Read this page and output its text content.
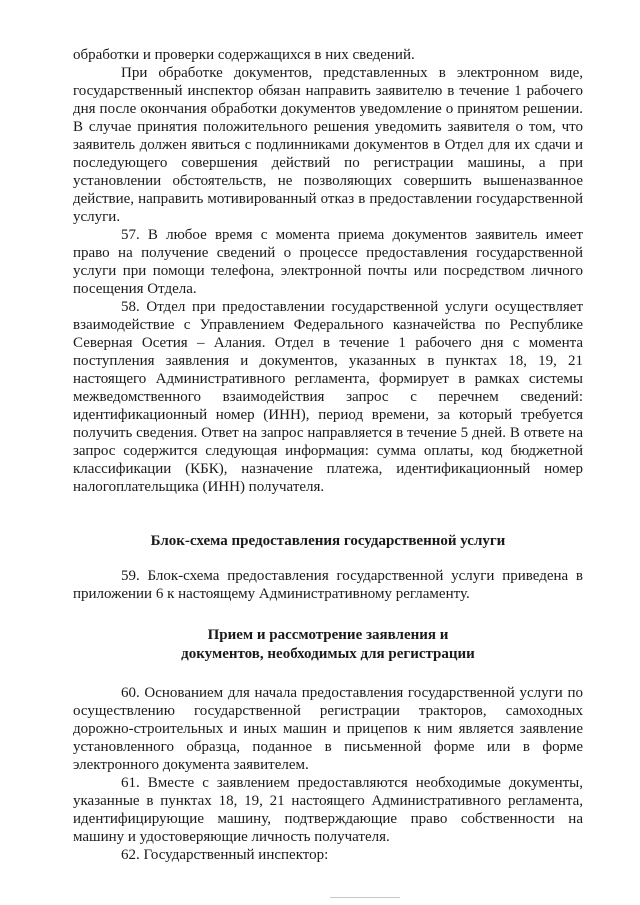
обработки и проверки содержащихся в них сведений.

При обработке документов, представленных в электронном виде, государственный инспектор обязан направить заявителю в течение 1 рабочего дня после окончания обработки документов уведомление о принятом решении. В случае принятия положительного решения уведомить заявителя о том, что заявитель должен явиться с подлинниками документов в Отдел для их сдачи и последующего совершения действий по регистрации машины, а при установлении обстоятельств, не позволяющих совершить вышеназванное действие, направить мотивированный отказ в предоставлении государственной услуги.

57. В любое время с момента приема документов заявитель имеет право на получение сведений о процессе предоставления государственной услуги при помощи телефона, электронной почты или посредством личного посещения Отдела.

58. Отдел при предоставлении государственной услуги осуществляет взаимодействие с Управлением Федерального казначейства по Республике Северная Осетия – Алания. Отдел в течение 1 рабочего дня с момента поступления заявления и документов, указанных в пунктах 18, 19, 21 настоящего Административного регламента, формирует в рамках системы межведомственного взаимодействия запрос с перечнем сведений: идентификационный номер (ИНН), период времени, за который требуется получить сведения. Ответ на запрос направляется в течение 5 дней. В ответе на запрос содержится следующая информация: сумма оплаты, код бюджетной классификации (КБК), назначение платежа, идентификационный номер налогоплательщика (ИНН) получателя.

Блок-схема предоставления государственной услуги

59. Блок-схема предоставления государственной услуги приведена в приложении 6 к настоящему Административному регламенту.

Прием и рассмотрение заявления и
документов, необходимых для регистрации

60. Основанием для начала предоставления государственной услуги по осуществлению государственной регистрации тракторов, самоходных дорожно-строительных и иных машин и прицепов к ним является заявление установленного образца, поданное в письменной форме или в форме электронного документа заявителем.

61. Вместе с заявлением предоставляются необходимые документы, указанные в пунктах 18, 19, 21 настоящего Административного регламента, идентифицирующие машину, подтверждающие право собственности на машину и удостоверяющие личность получателя.

62. Государственный инспектор:
